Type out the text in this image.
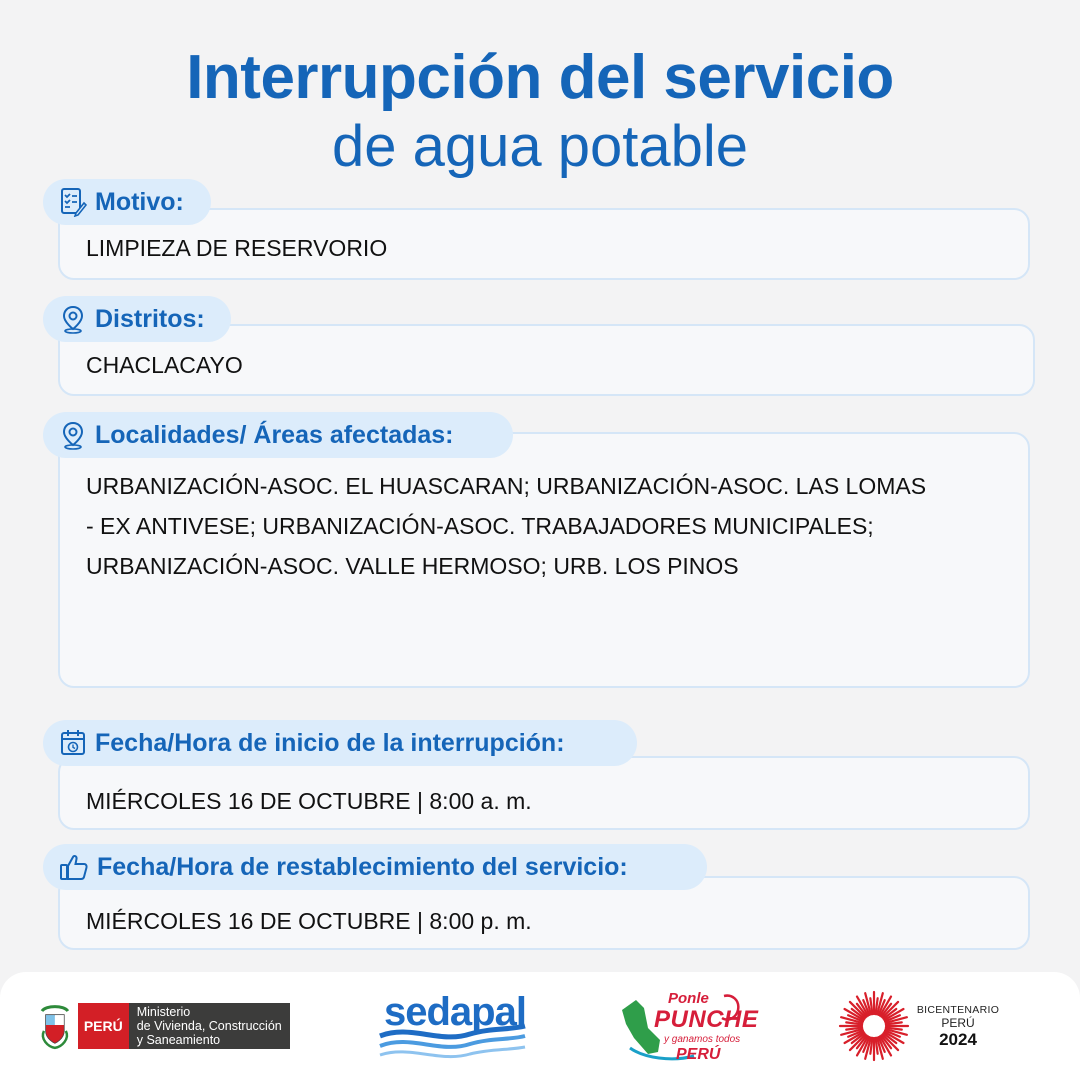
Interrupción del servicio
de agua potable
LIMPIEZA DE RESERVORIO
Motivo:
CHACLACAYO
Distritos:
URBANIZACIÓN-ASOC. EL HUASCARAN; URBANIZACIÓN-ASOC. LAS LOMAS
- EX ANTIVESE; URBANIZACIÓN-ASOC. TRABAJADORES MUNICIPALES;
URBANIZACIÓN-ASOC. VALLE HERMOSO; URB. LOS PINOS
Localidades/ Áreas afectadas:
MIÉRCOLES 16 DE OCTUBRE | 8:00 a. m.
Fecha/Hora de inicio de la interrupción:
MIÉRCOLES 16 DE OCTUBRE | 8:00 p. m.
Fecha/Hora de restablecimiento del servicio:
PERÚ
Ministerio
de Vivienda, Construcción
y Saneamiento
sedapal	Ponle
PUNCHE
y ganamos todos
PERÚ
BICENTENARIO
PERÚ
2024
